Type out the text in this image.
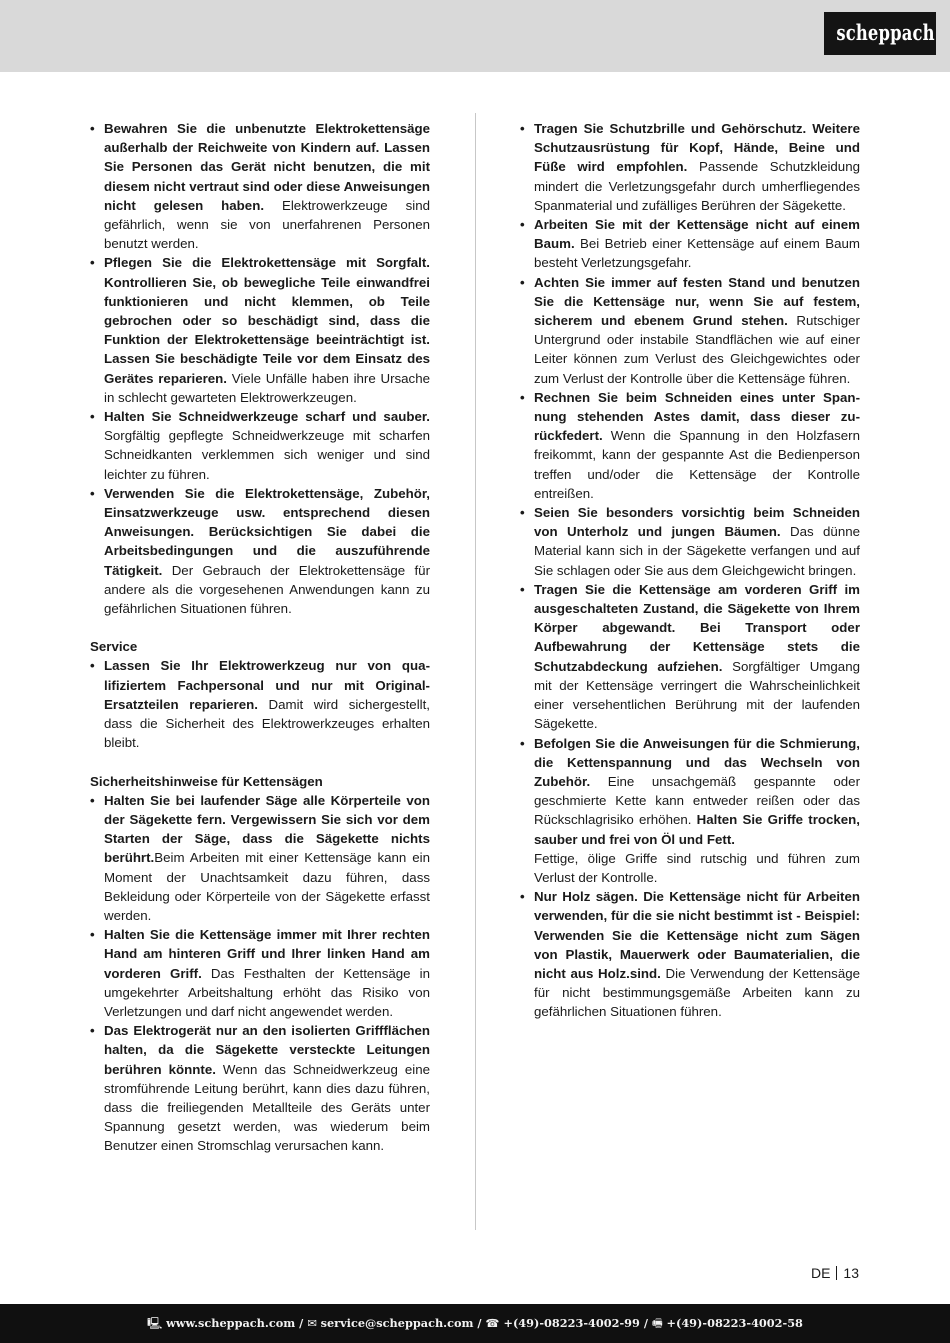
scheppach
• Bewahren Sie die unbenutzte Elektrokettensäge außerhalb der Reichweite von Kindern auf. Lassen Sie Personen das Gerät nicht benutzen, die mit diesem nicht vertraut sind oder diese Anweisungen nicht gelesen haben. Elektrowerkzeuge sind gefährlich, wenn sie von unerfahrenen Personen benutzt werden.
• Pflegen Sie die Elektrokettensäge mit Sorgfalt. Kontrollieren Sie, ob bewegliche Teile einwandfrei funktionieren und nicht klemmen, ob Teile gebrochen oder so beschädigt sind, dass die Funktion der Elektrokettensäge beeinträchtigt ist. Lassen Sie beschädigte Teile vor dem Einsatz des Gerätes reparieren. Viele Unfälle haben ihre Ursache in schlecht gewarteten Elektrowerkzeugen.
• Halten Sie Schneidwerkzeuge scharf und sauber. Sorgfältig gepflegte Schneidwerkzeuge mit scharfen Schneidkanten verklemmen sich weniger und sind leichter zu führen.
• Verwenden Sie die Elektrokettensäge, Zubehör, Einsatzwerkzeuge usw. entsprechend diesen Anweisungen. Berücksichtigen Sie dabei die Arbeitsbedingungen und die auszuführende Tätigkeit. Der Gebrauch der Elektrokettensäge für andere als die vorgesehenen Anwendungen kann zu gefährlichen Situationen führen.
Service
• Lassen Sie Ihr Elektrowerkzeug nur von qualifiziertem Fachpersonal und nur mit Original-Ersatzteilen reparieren. Damit wird sichergestellt, dass die Sicherheit des Elektrowerkzeuges erhalten bleibt.
Sicherheitshinweise für Kettensägen
• Halten Sie bei laufender Säge alle Körperteile von der Sägekette fern. Vergewissern Sie sich vor dem Starten der Säge, dass die Sägekette nichts berührt.Beim Arbeiten mit einer Kettensäge kann ein Moment der Unachtsamkeit dazu führen, dass Bekleidung oder Körperteile von der Sägekette erfasst werden.
• Halten Sie die Kettensäge immer mit Ihrer rechten Hand am hinteren Griff und Ihrer linken Hand am vorderen Griff. Das Festhalten der Kettensäge in umgekehrter Arbeitshaltung erhöht das Risiko von Verletzungen und darf nicht angewendet werden.
• Das Elektrogerät nur an den isolierten Griffflächen halten, da die Sägekette versteckte Leitungen berühren könnte. Wenn das Schneidwerkzeug eine stromführende Leitung berührt, kann dies dazu führen, dass die freiliegenden Metallteile des Geräts unter Spannung gesetzt werden, was wiederum beim Benutzer einen Stromschlag verursachen kann.
• Tragen Sie Schutzbrille und Gehörschutz. Weitere Schutzausrüstung für Kopf, Hände, Beine und Füße wird empfohlen. Passende Schutzkleidung mindert die Verletzungsgefahr durch umherfliegendes Spanmaterial und zufälliges Berühren der Sägekette.
• Arbeiten Sie mit der Kettensäge nicht auf einem Baum. Bei Betrieb einer Kettensäge auf einem Baum besteht Verletzungsgefahr.
• Achten Sie immer auf festen Stand und benutzen Sie die Kettensäge nur, wenn Sie auf festem, sicherem und ebenem Grund stehen. Rutschiger Untergrund oder instabile Standflächen wie auf einer Leiter können zum Verlust des Gleichgewichtes oder zum Verlust der Kontrolle über die Kettensäge führen.
• Rechnen Sie beim Schneiden eines unter Spannung stehenden Astes damit, dass dieser zurückfedert. Wenn die Spannung in den Holzfasern freikommt, kann der gespannte Ast die Bedienperson treffen und/oder die Kettensäge der Kontrolle entreißen.
• Seien Sie besonders vorsichtig beim Schneiden von Unterholz und jungen Bäumen. Das dünne Material kann sich in der Sägekette verfangen und auf Sie schlagen oder Sie aus dem Gleichgewicht bringen.
• Tragen Sie die Kettensäge am vorderen Griff im ausgeschalteten Zustand, die Sägekette von Ihrem Körper abgewandt. Bei Transport oder Aufbewahrung der Kettensäge stets die Schutzabdeckung aufziehen. Sorgfältiger Umgang mit der Kettensäge verringert die Wahrscheinlichkeit einer versehentlichen Berührung mit der laufenden Sägekette.
• Befolgen Sie die Anweisungen für die Schmierung, die Kettenspannung und das Wechseln von Zubehör. Eine unsachgemäß gespannte oder geschmierte Kette kann entweder reißen oder das Rückschlagrisiko erhöhen. Halten Sie Griffe trocken, sauber und frei von Öl und Fett.
Fettige, ölige Griffe sind rutschig und führen zum Verlust der Kontrolle.
• Nur Holz sägen. Die Kettensäge nicht für Arbeiten verwenden, für die sie nicht bestimmt ist - Beispiel: Verwenden Sie die Kettensäge nicht zum Sägen von Plastik, Mauerwerk oder Baumaterialien, die nicht aus Holz.sind. Die Verwendung der Kettensäge für nicht bestimmungsgemäße Arbeiten kann zu gefährlichen Situationen führen.
DE 13
🖳 www.scheppach.com / ✉ service@scheppach.com / ☎ +(49)-08223-4002-99 / 🖷 +(49)-08223-4002-58
